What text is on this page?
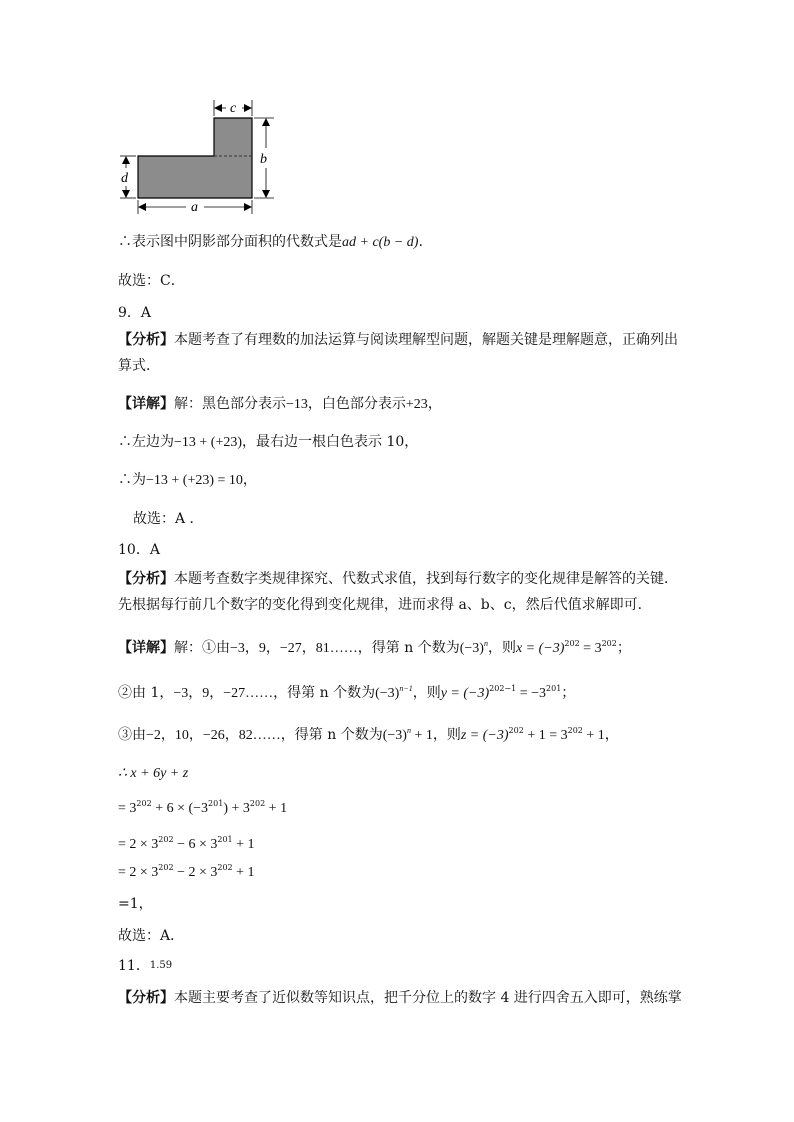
c
b
d
a
∴表示图中阴影部分面积的代数式是ad + c(b − d).
故选：C．
9．A
【分析】本题考查了有理数的加法运算与阅读理解型问题，解题关键是理解题意，正确列出算式．
【详解】解：黑色部分表示−13，白色部分表示+23，
∴左边为−13 + (+23)，最右边一根白色表示 10，
∴为−13 + (+23) = 10，
故选：A ．
10．A
【分析】本题考查数字类规律探究、代数式求值，找到每行数字的变化规律是解答的关键．先根据每行前几个数字的变化得到变化规律，进而求得 a、b、c，然后代值求解即可．
【详解】解：①由−3，9，−27，81……，得第 n 个数为$(-3)^n$，则$x = (-3)^{202} = 3^{202}$；
②由 1，−3，9，−27……，得第 n 个数为$(-3)^{n-1}$，则$y = (-3)^{202-1} = -3^{201}$；
③由−2，10，−26，82……，得第 n 个数为$(-3)^n + 1$，则$z = (-3)^{202} + 1 = 3^{202} + 1$，
∴ x + 6y + z
= $3^{202} + 6 \times (-3^{201}) + 3^{202} + 1$
= $2 \times 3^{202} - 6 \times 3^{201} + 1$
= $2 \times 3^{202} - 2 \times 3^{202} + 1$
=1，
故选：A．
11．1.59
【分析】本题主要考查了近似数等知识点，把千分位上的数字 4 进行四舍五入即可，熟练掌
